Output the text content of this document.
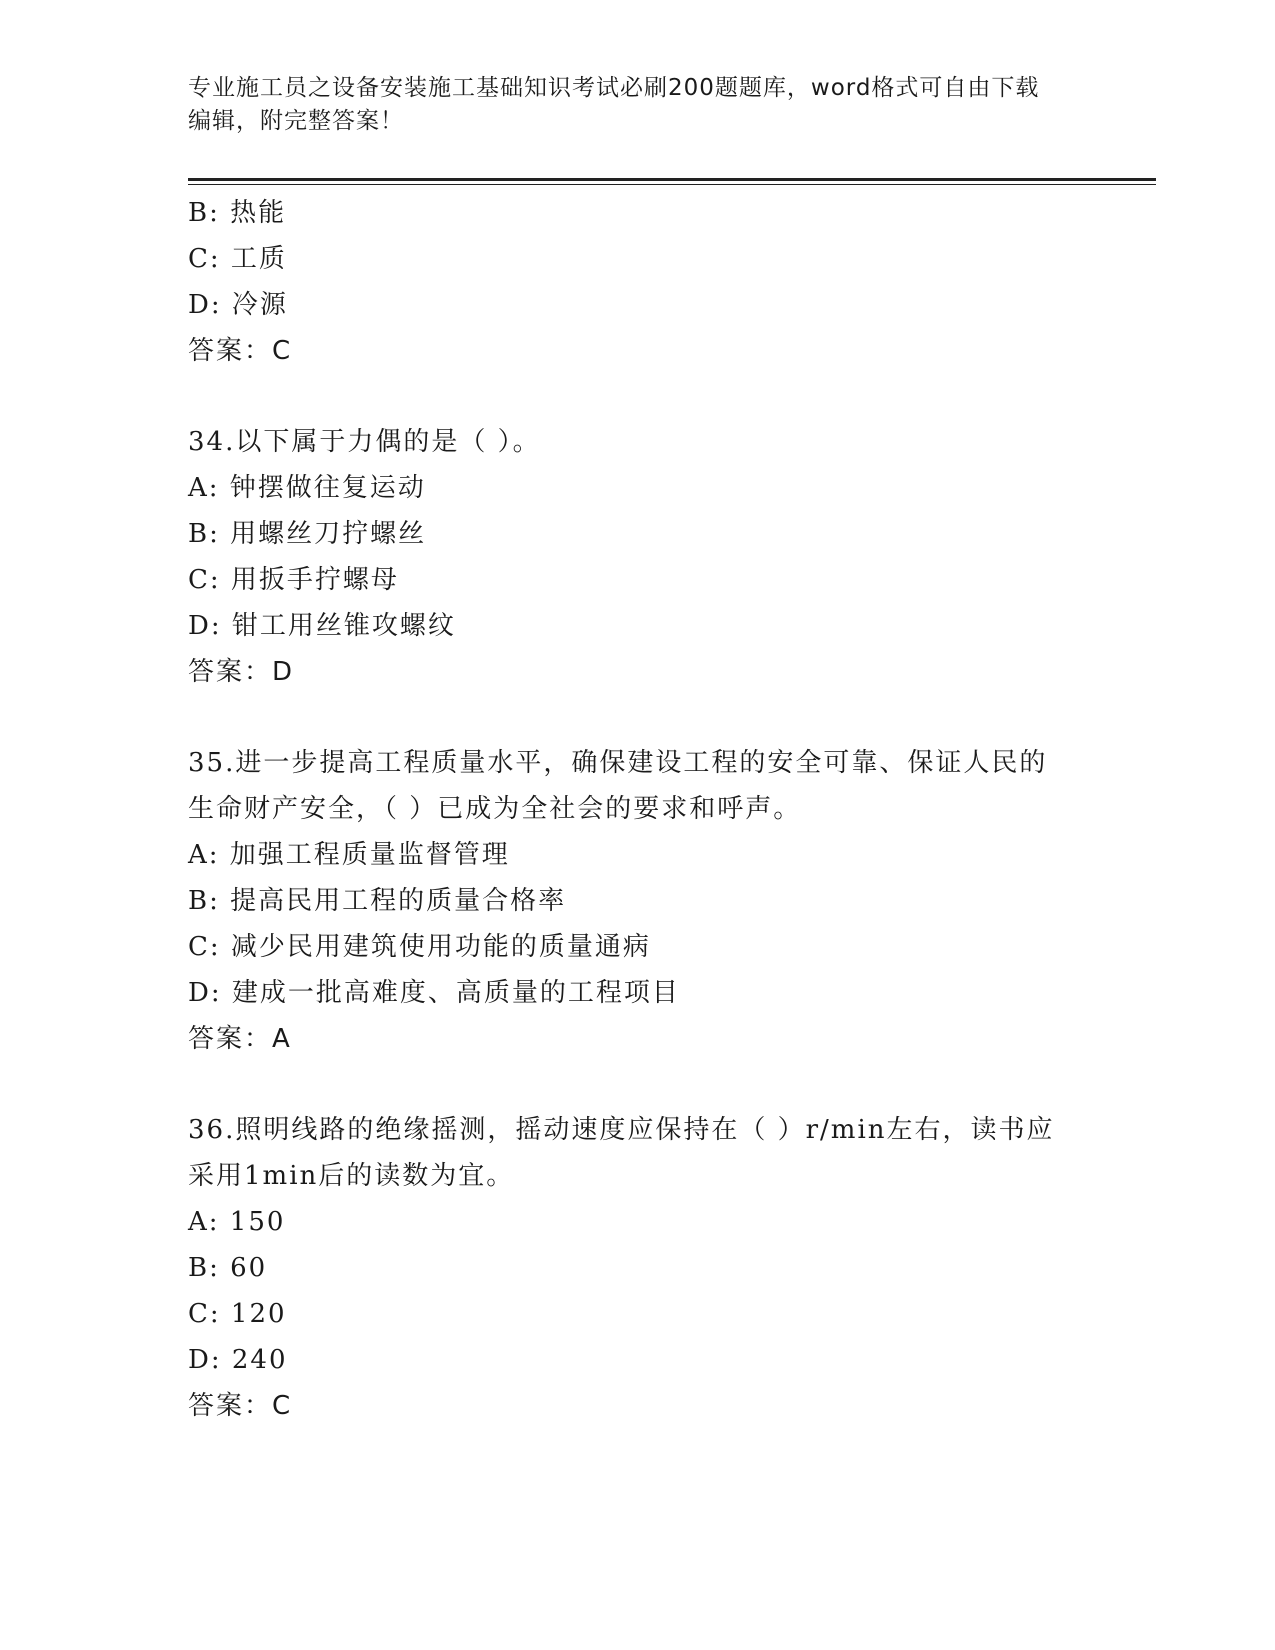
专业施工员之设备安装施工基础知识考试必刷200题题库，word格式可自由下载
编辑，附完整答案！
B: 热能
C: 工质
D: 冷源
答案：C
34.以下属于力偶的是（ ）。
A: 钟摆做往复运动
B: 用螺丝刀拧螺丝
C: 用扳手拧螺母
D: 钳工用丝锥攻螺纹
答案：D
35.进一步提高工程质量水平，确保建设工程的安全可靠、保证人民的
生命财产安全，（ ）已成为全社会的要求和呼声。
A: 加强工程质量监督管理
B: 提高民用工程的质量合格率
C: 减少民用建筑使用功能的质量通病
D: 建成一批高难度、高质量的工程项目
答案：A
36.照明线路的绝缘摇测，摇动速度应保持在（ ）r/min左右，读书应
采用1min后的读数为宜。
A: 150
B: 60
C: 120
D: 240
答案：C
